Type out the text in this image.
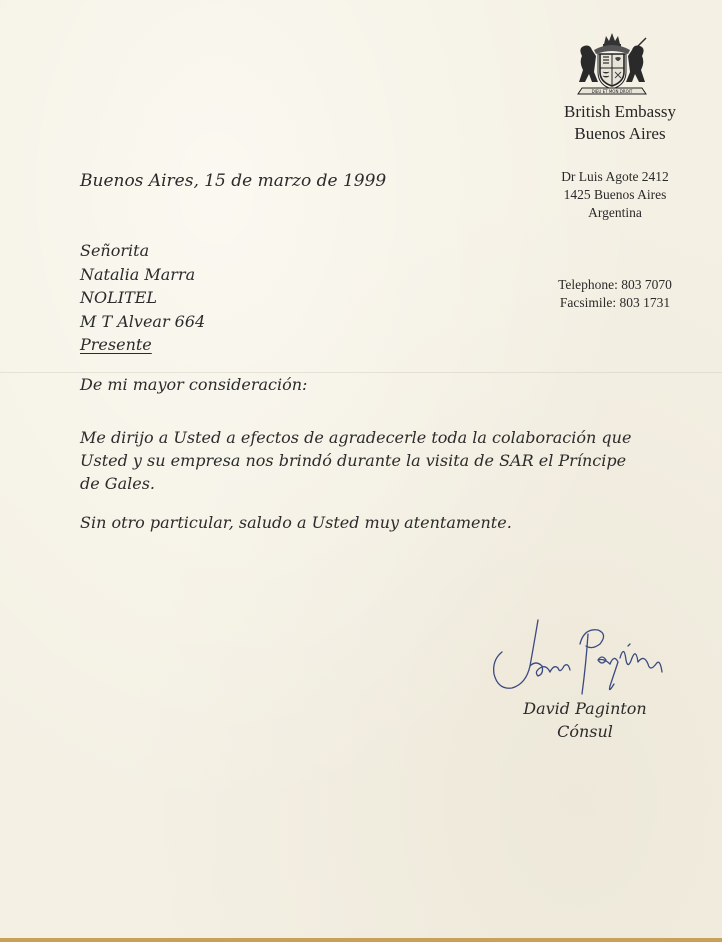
DIEU ET MON DROIT
British Embassy
Buenos Aires
Dr Luis Agote 2412
1425 Buenos Aires
Argentina
Telephone: 803 7070
Facsimile: 803 1731
Buenos Aires, 15 de marzo de 1999
Señorita
Natalia Marra
NOLITEL
M T Alvear 664
Presente
De mi mayor consideración:
Me dirijo a Usted a efectos de agradecerle toda la colaboración que
Usted y su empresa nos brindó durante la visita de SAR el Príncipe
de Gales.
Sin otro particular, saludo a Usted muy atentamente.
David Paginton
Cónsul
